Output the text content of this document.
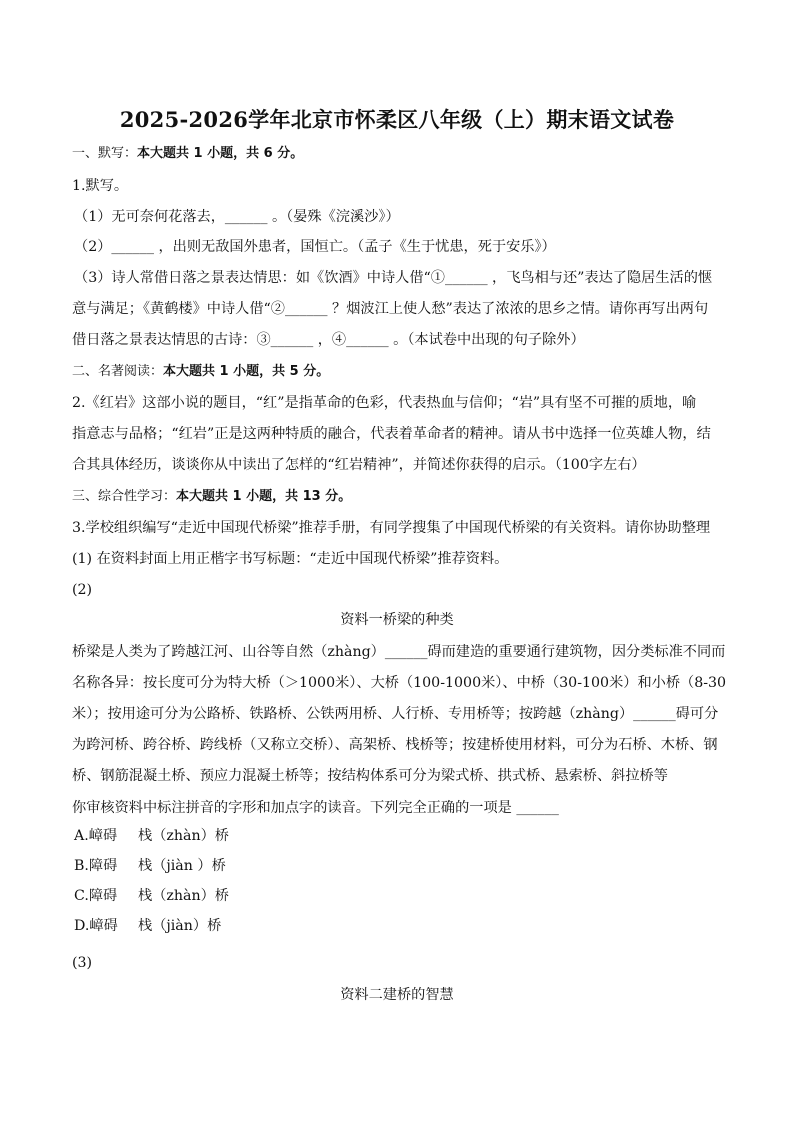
2025-2026学年北京市怀柔区八年级（上）期末语文试卷
一、默写：本大题共 1 小题，共 6 分。
1.默写。
（1）无可奈何花落去，______ 。（晏殊《浣溪沙》）
（2）______ ，出则无敌国外患者，国恒亡。（孟子《生于忧患，死于安乐》）
（3）诗人常借日落之景表达情思：如《饮酒》中诗人借“①______ ，飞鸟相与还”表达了隐居生活的惬
意与满足；《黄鹤楼》中诗人借“②______ ？烟波江上使人愁”表达了浓浓的思乡之情。请你再写出两句
借日落之景表达情思的古诗：③______ ，④______ 。（本试卷中出现的句子除外）
二、名著阅读：本大题共 1 小题，共 5 分。
2.《红岩》这部小说的题目，“红”是指革命的色彩，代表热血与信仰；“岩”具有坚不可摧的质地，喻
指意志与品格；“红岩”正是这两种特质的融合，代表着革命者的精神。请从书中选择一位英雄人物，结
合其具体经历，谈谈你从中读出了怎样的“红岩精神”，并简述你获得的启示。（100字左右）
三、综合性学习：本大题共 1 小题，共 13 分。
3.学校组织编写“走近中国现代桥梁”推荐手册，有同学搜集了中国现代桥梁的有关资料。请你协助整理
(1) 在资料封面上用正楷字书写标题：“走近中国现代桥梁”推荐资料。
(2)
资料一桥梁的种类
桥梁是人类为了跨越江河、山谷等自然（zhàng）______碍而建造的重要通行建筑物，因分类标准不同而
名称各异：按长度可分为特大桥（＞1000米）、大桥（100-1000米）、中桥（30-100米）和小桥（8-30
米）；按用途可分为公路桥、铁路桥、公铁两用桥、人行桥、专用桥等；按跨越（zhàng）______碍可分
为跨河桥、跨谷桥、跨线桥（又称立交桥）、高架桥、栈桥等；按建桥使用材料，可分为石桥、木桥、钢
桥、钢筋混凝土桥、预应力混凝土桥等；按结构体系可分为梁式桥、拱式桥、悬索桥、斜拉桥等
你审核资料中标注拼音的字形和加点字的读音。下列完全正确的一项是 ______
A.嶂碍 栈（zhàn）桥
B.障碍 栈（jiàn ）桥
C.障碍 栈（zhàn）桥
D.嶂碍 栈（jiàn）桥
(3)
资料二建桥的智慧
